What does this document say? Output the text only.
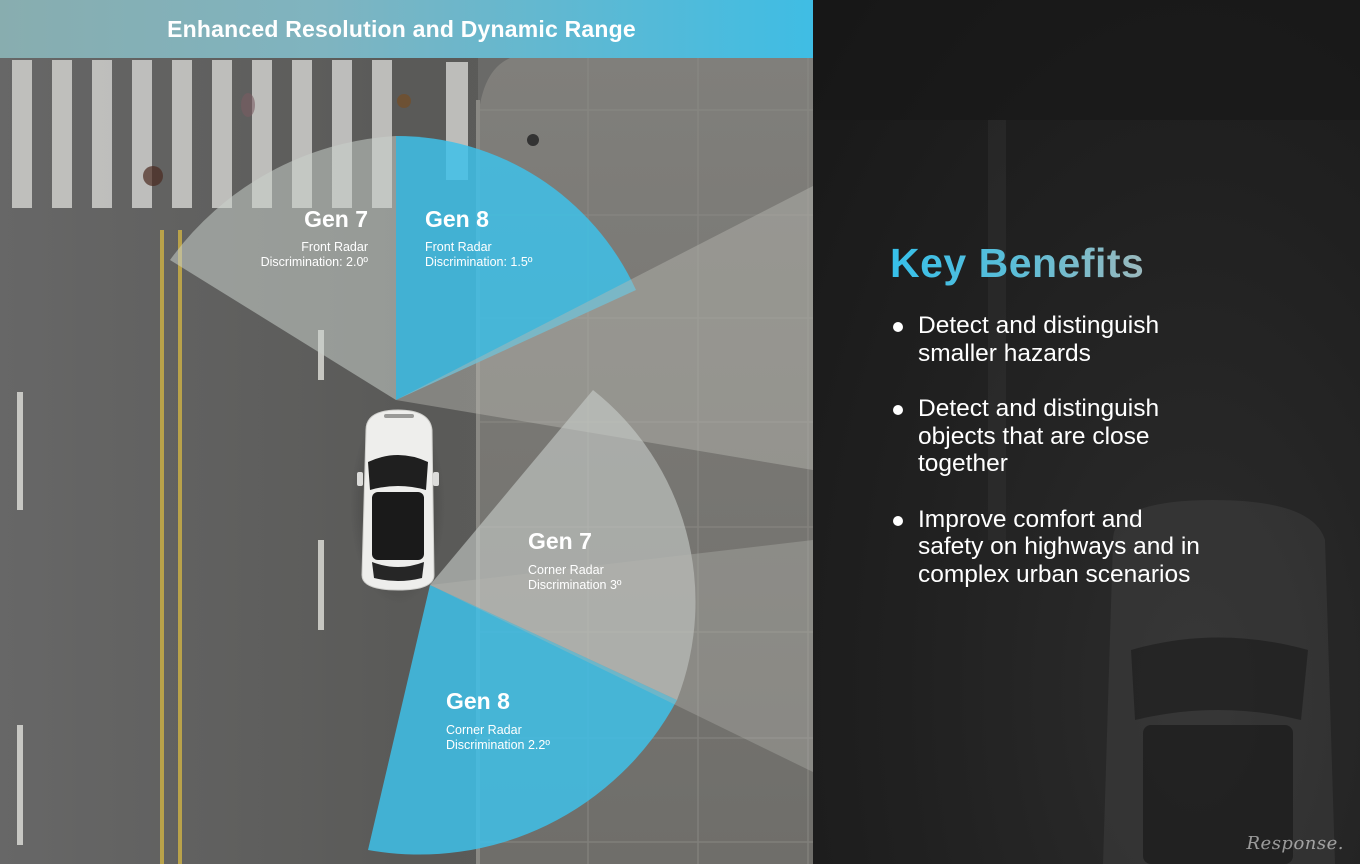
Gen 7
Front Radar
Discrimination: 2.0º
Gen 8
Front Radar
Discrimination: 1.5º
Gen 7
Corner Radar
Discrimination 3º
Gen 8
Corner Radar
Discrimination 2.2º
Enhanced Resolution and Dynamic Range
Key Benefits
Detect and distinguish smaller hazards
Detect and distinguish objects that are close together
Improve comfort and safety on highways and in complex urban scenarios
Response.
